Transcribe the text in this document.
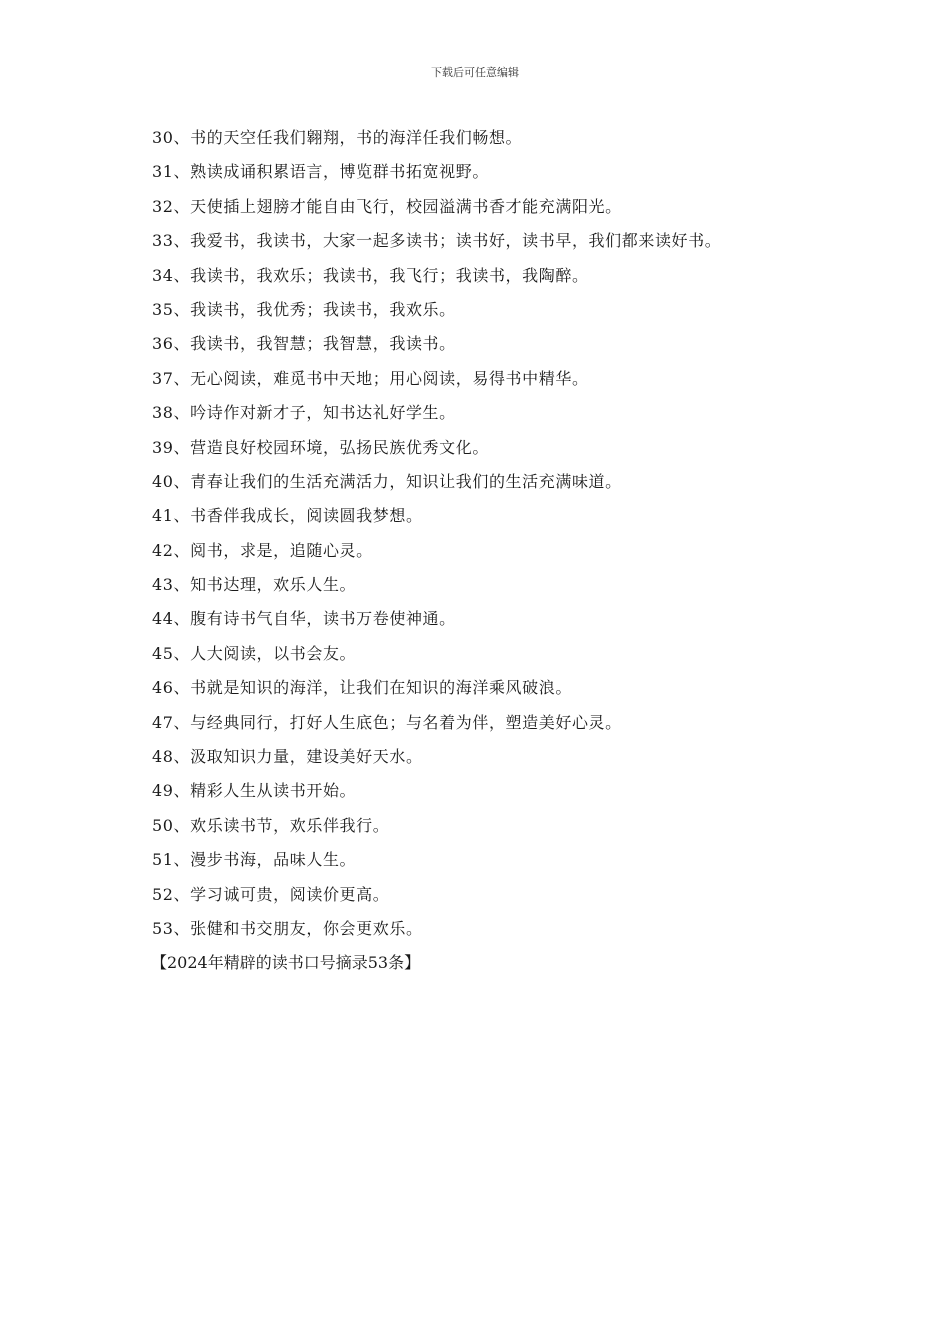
下载后可任意编辑
30、书的天空任我们翱翔，书的海洋任我们畅想。
31、熟读成诵积累语言，博览群书拓宽视野。
32、天使插上翅膀才能自由飞行，校园溢满书香才能充满阳光。
33、我爱书，我读书，大家一起多读书；读书好，读书早，我们都来读好书。
34、我读书，我欢乐；我读书，我飞行；我读书，我陶醉。
35、我读书，我优秀；我读书，我欢乐。
36、我读书，我智慧；我智慧，我读书。
37、无心阅读，难觅书中天地；用心阅读，易得书中精华。
38、吟诗作对新才子，知书达礼好学生。
39、营造良好校园环境，弘扬民族优秀文化。
40、青春让我们的生活充满活力，知识让我们的生活充满味道。
41、书香伴我成长，阅读圆我梦想。
42、阅书，求是，追随心灵。
43、知书达理，欢乐人生。
44、腹有诗书气自华，读书万卷使神通。
45、人大阅读，以书会友。
46、书就是知识的海洋，让我们在知识的海洋乘风破浪。
47、与经典同行，打好人生底色；与名着为伴，塑造美好心灵。
48、汲取知识力量，建设美好天水。
49、精彩人生从读书开始。
50、欢乐读书节，欢乐伴我行。
51、漫步书海，品味人生。
52、学习诚可贵，阅读价更高。
53、张健和书交朋友，你会更欢乐。
【2024年精辟的读书口号摘录53条】
